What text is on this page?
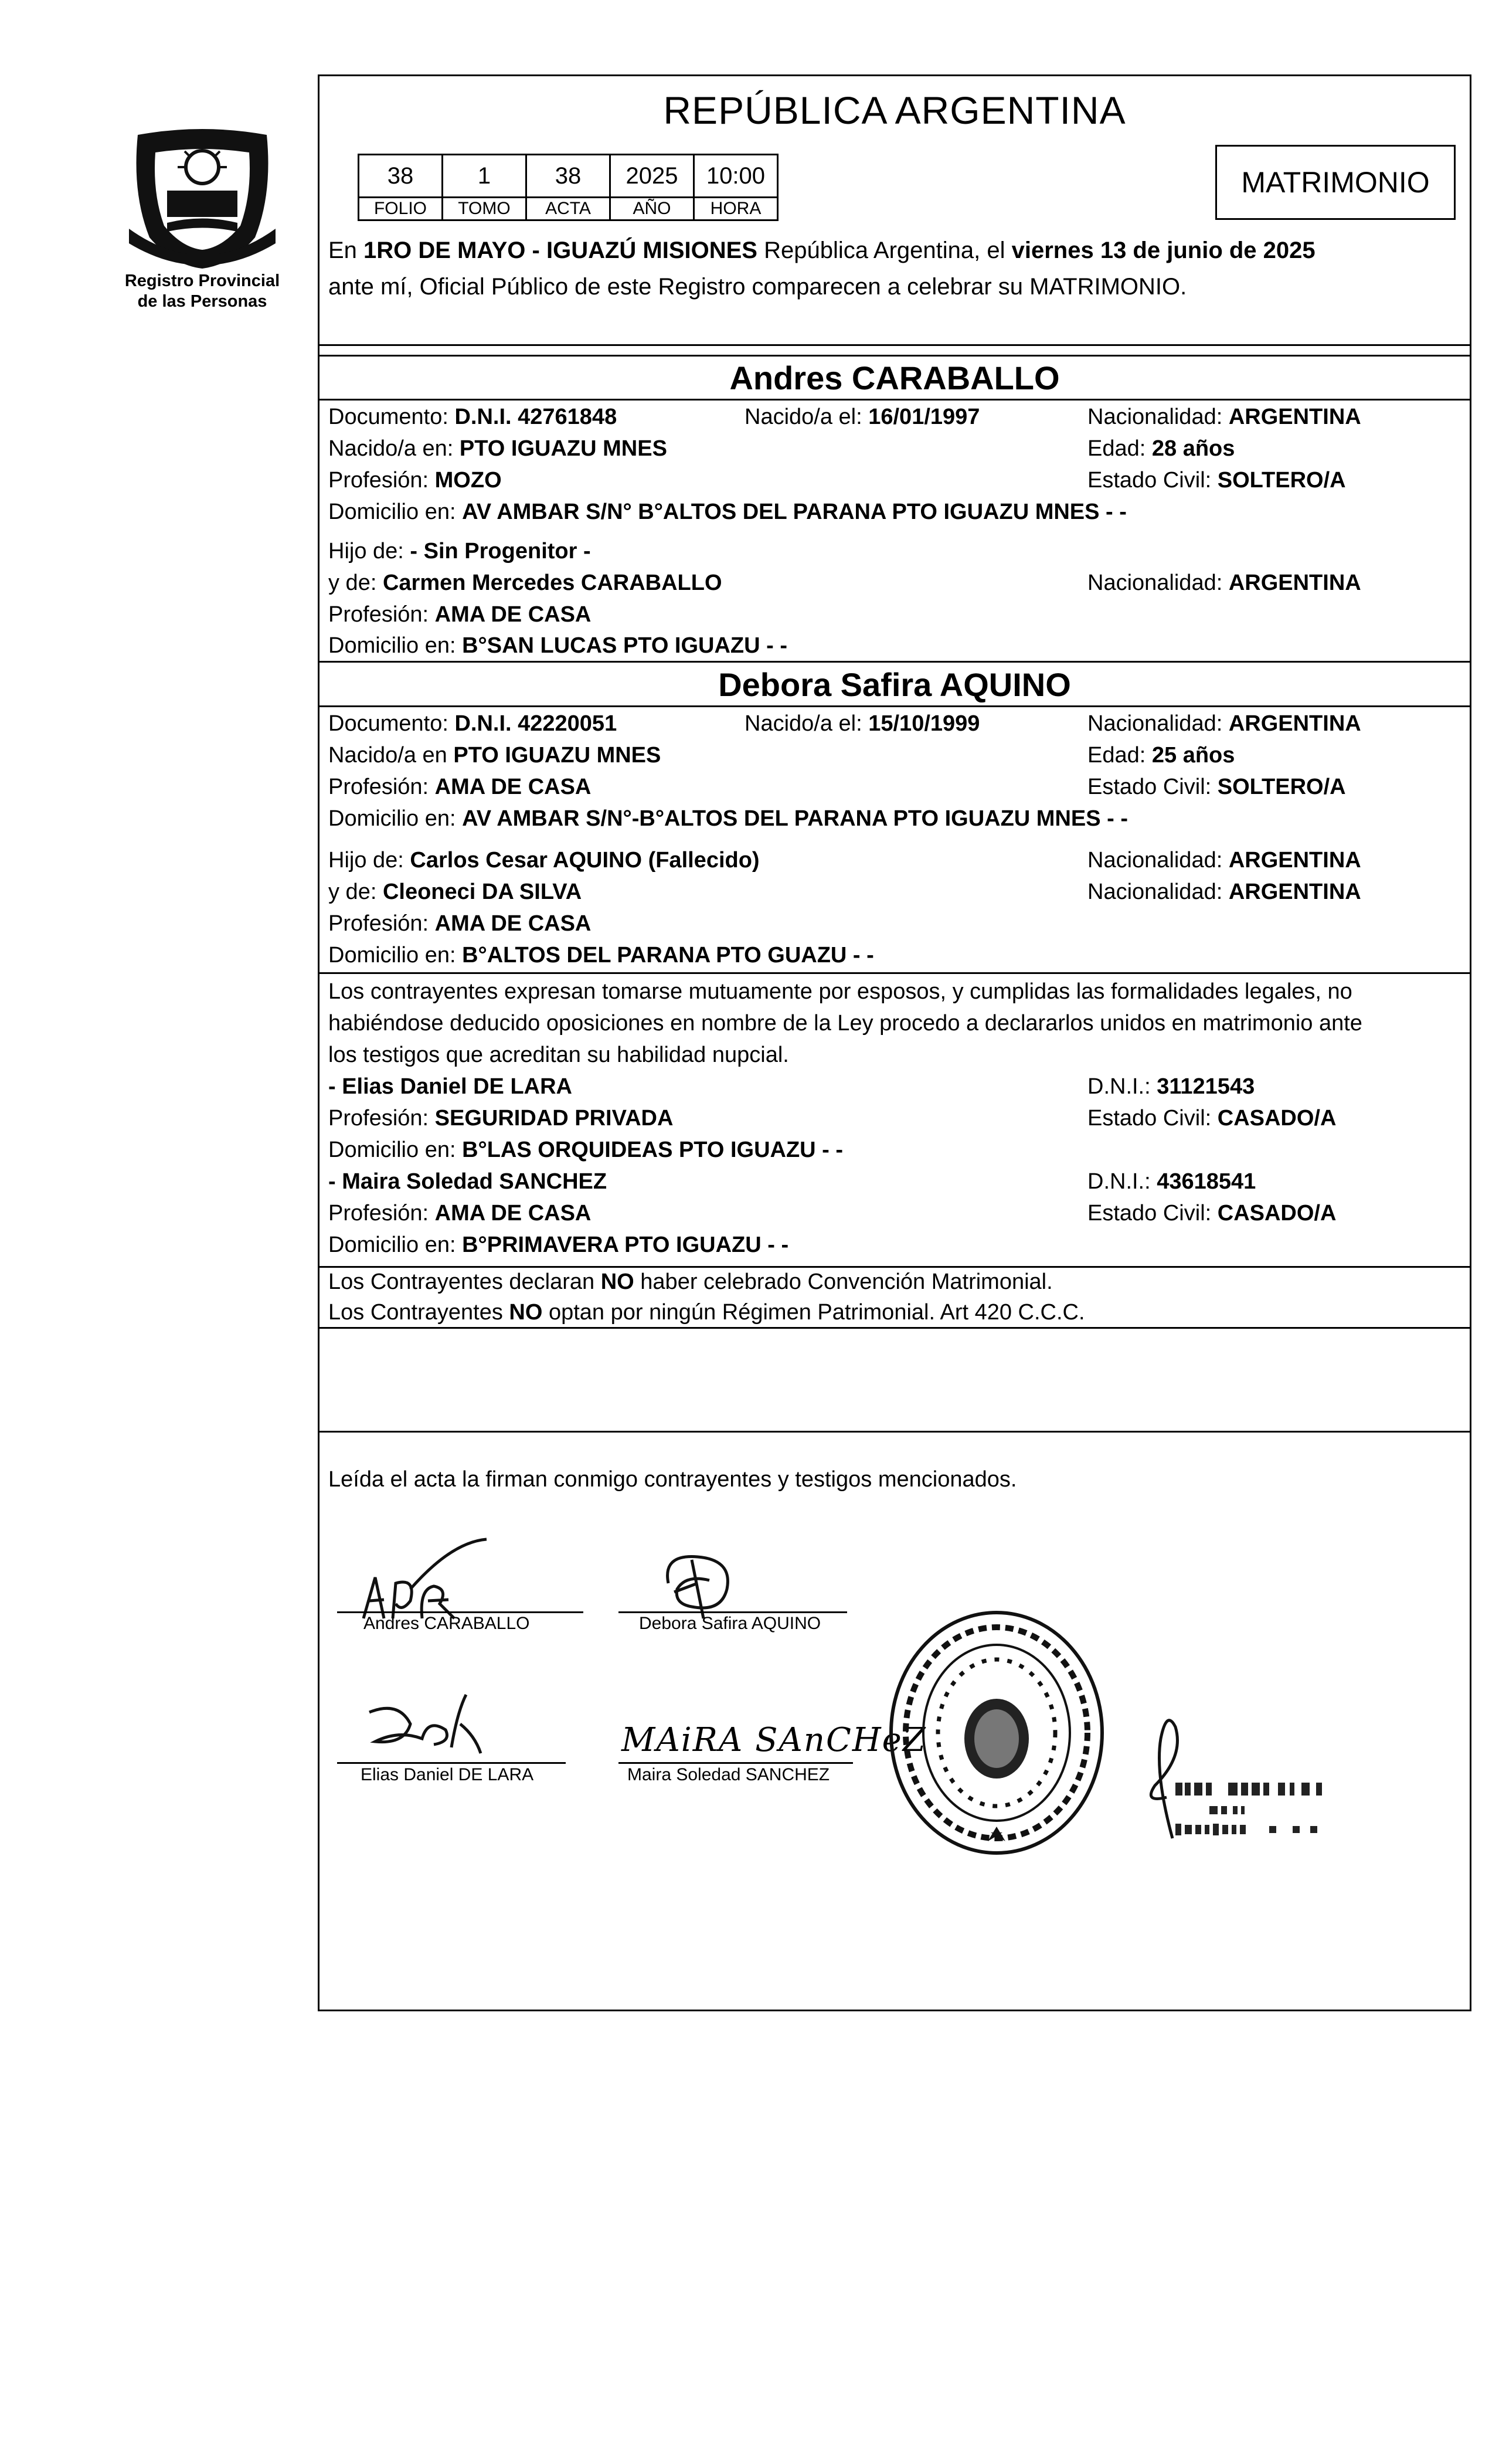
Registro Provincial
de las Personas
REPÚBLICA ARGENTINA
38	1	38	2025	10:00
FOLIO	TOMO	ACTA	AÑO	HORA
MATRIMONIO
En 1RO DE MAYO - IGUAZÚ MISIONES República Argentina, el viernes 13 de junio de 2025
ante mí, Oficial Público de este Registro comparecen a celebrar su MATRIMONIO.
Andres CARABALLO
Documento: D.N.I. 42761848	Nacido/a el: 16/01/1997	Nacionalidad: ARGENTINA
Nacido/a en: PTO IGUAZU MNES	Edad: 28 años
Profesión: MOZO	Estado Civil: SOLTERO/A
Domicilio en: AV AMBAR S/N° B°ALTOS DEL PARANA PTO IGUAZU MNES - -
Hijo de: - Sin Progenitor -
y de: Carmen Mercedes CARABALLO	Nacionalidad: ARGENTINA
Profesión: AMA DE CASA
Domicilio en: B°SAN LUCAS PTO IGUAZU - -
Debora Safira AQUINO
Documento: D.N.I. 42220051	Nacido/a el: 15/10/1999	Nacionalidad: ARGENTINA
Nacido/a en PTO IGUAZU MNES	Edad: 25 años
Profesión: AMA DE CASA	Estado Civil: SOLTERO/A
Domicilio en: AV AMBAR S/N°-B°ALTOS DEL PARANA PTO IGUAZU MNES - -
Hijo de: Carlos Cesar AQUINO (Fallecido)	Nacionalidad: ARGENTINA
y de: Cleoneci DA SILVA	Nacionalidad: ARGENTINA
Profesión: AMA DE CASA
Domicilio en: B°ALTOS DEL PARANA PTO GUAZU - -
Los contrayentes expresan tomarse mutuamente por esposos, y cumplidas las formalidades legales, no
habiéndose deducido oposiciones en nombre de la Ley procedo a declararlos unidos en matrimonio ante
los testigos que acreditan su habilidad nupcial.
- Elias Daniel DE LARA	D.N.I.: 31121543
Profesión: SEGURIDAD PRIVADA	Estado Civil: CASADO/A
Domicilio en: B°LAS ORQUIDEAS PTO IGUAZU - -
- Maira Soledad SANCHEZ	D.N.I.: 43618541
Profesión: AMA DE CASA	Estado Civil: CASADO/A
Domicilio en: B°PRIMAVERA PTO IGUAZU - -
Los Contrayentes declaran NO haber celebrado Convención Matrimonial.
Los Contrayentes NO optan por ningún Régimen Patrimonial. Art 420 C.C.C.
Leída el acta la firman conmigo contrayentes y testigos mencionados.
Andres CARABALLO	Debora Safira AQUINO
Elias Daniel DE LARA
MAiRA SAnCHeZ
Maira Soledad SANCHEZ
